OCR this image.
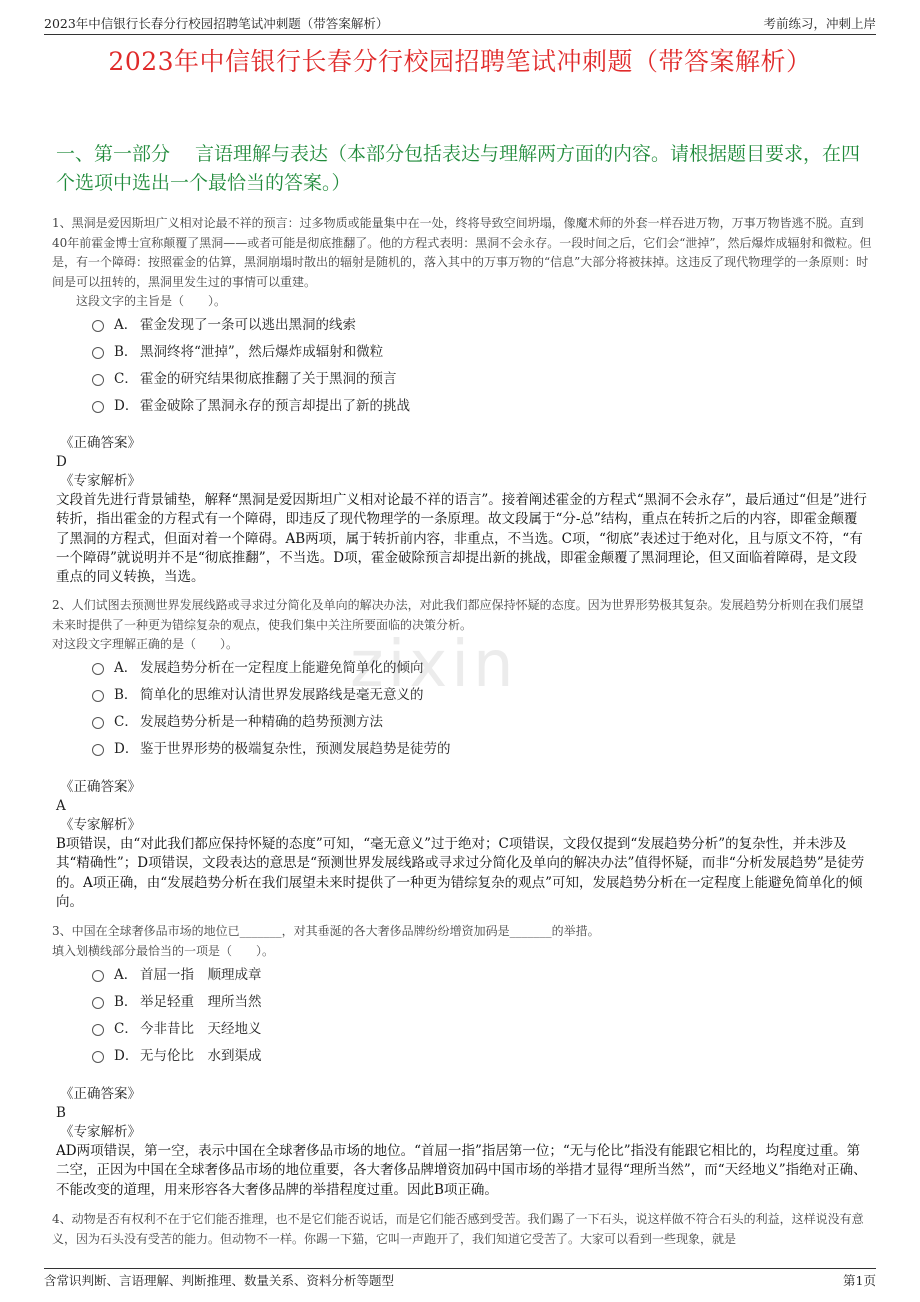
2023年中信银行长春分行校园招聘笔试冲刺题（带答案解析）	考前练习，冲刺上岸
2023年中信银行长春分行校园招聘笔试冲刺题（带答案解析）
一、第一部分　 言语理解与表达（本部分包括表达与理解两方面的内容。请根据题目要求，在四个选项中选出一个最恰当的答案。）
zixin
1、黑洞是爱因斯坦广义相对论最不祥的预言：过多物质或能量集中在一处，终将导致空间坍塌，像魔术师的外套一样吞进万物，万事万物皆逃不脱。直到40年前霍金博士宣称颠覆了黑洞——或者可能是彻底推翻了。他的方程式表明：黑洞不会永存。一段时间之后，它们会“泄掉”，然后爆炸成辐射和微粒。但是，有一个障碍：按照霍金的估算，黑洞崩塌时散出的辐射是随机的，落入其中的万事万物的“信息”大部分将被抹掉。这违反了现代物理学的一条原则：时间是可以扭转的，黑洞里发生过的事情可以重建。
这段文字的主旨是（　　）。
A． 霍金发现了一条可以逃出黑洞的线索
B． 黑洞终将“泄掉”，然后爆炸成辐射和微粒
C． 霍金的研究结果彻底推翻了关于黑洞的预言
D． 霍金破除了黑洞永存的预言却提出了新的挑战
《正确答案》
D
《专家解析》
文段首先进行背景铺垫，解释“黑洞是爱因斯坦广义相对论最不祥的语言”。接着阐述霍金的方程式“黑洞不会永存”，最后通过“但是”进行转折，指出霍金的方程式有一个障碍，即违反了现代物理学的一条原理。故文段属于“分-总”结构，重点在转折之后的内容，即霍金颠覆了黑洞的方程式，但面对着一个障碍。AB两项，属于转折前内容，非重点，不当选。C项，“彻底”表述过于绝对化，且与原文不符，“有一个障碍”就说明并不是“彻底推翻”，不当选。D项，霍金破除预言却提出新的挑战，即霍金颠覆了黑洞理论，但又面临着障碍，是文段重点的同义转换，当选。
2、人们试图去预测世界发展线路或寻求过分简化及单向的解决办法，对此我们都应保持怀疑的态度。因为世界形势极其复杂。发展趋势分析则在我们展望未来时提供了一种更为错综复杂的观点，使我们集中关注所要面临的决策分析。
对这段文字理解正确的是（　　）。
A． 发展趋势分析在一定程度上能避免简单化的倾向
B． 简单化的思维对认清世界发展路线是毫无意义的
C． 发展趋势分析是一种精确的趋势预测方法
D． 鉴于世界形势的极端复杂性，预测发展趋势是徒劳的
《正确答案》
A
《专家解析》
B项错误，由“对此我们都应保持怀疑的态度”可知，“毫无意义”过于绝对；C项错误，文段仅提到“发展趋势分析”的复杂性，并未涉及其“精确性”；D项错误，文段表达的意思是“预测世界发展线路或寻求过分简化及单向的解决办法”值得怀疑，而非“分析发展趋势”是徒劳的。A项正确，由“发展趋势分析在我们展望未来时提供了一种更为错综复杂的观点”可知，发展趋势分析在一定程度上能避免简单化的倾向。
3、中国在全球奢侈品市场的地位已_______，对其垂涎的各大奢侈品牌纷纷增资加码是_______的举措。
填入划横线部分最恰当的一项是（　　）。
A． 首屈一指　顺理成章
B． 举足轻重　理所当然
C． 今非昔比　天经地义
D． 无与伦比　水到渠成
《正确答案》
B
《专家解析》
AD两项错误，第一空，表示中国在全球奢侈品市场的地位。“首屈一指”指居第一位；“无与伦比”指没有能跟它相比的，均程度过重。第二空，正因为中国在全球奢侈品市场的地位重要，各大奢侈品牌增资加码中国市场的举措才显得“理所当然”，而“天经地义”指绝对正确、不能改变的道理，用来形容各大奢侈品牌的举措程度过重。因此B项正确。
4、动物是否有权利不在于它们能否推理，也不是它们能否说话，而是它们能否感到受苦。我们踢了一下石头，说这样做不符合石头的利益，这样说没有意义，因为石头没有受苦的能力。但动物不一样。你踢一下猫，它叫一声跑开了，我们知道它受苦了。大家可以看到一些现象，就是
含常识判断、言语理解、判断推理、数量关系、资料分析等题型	第1页
